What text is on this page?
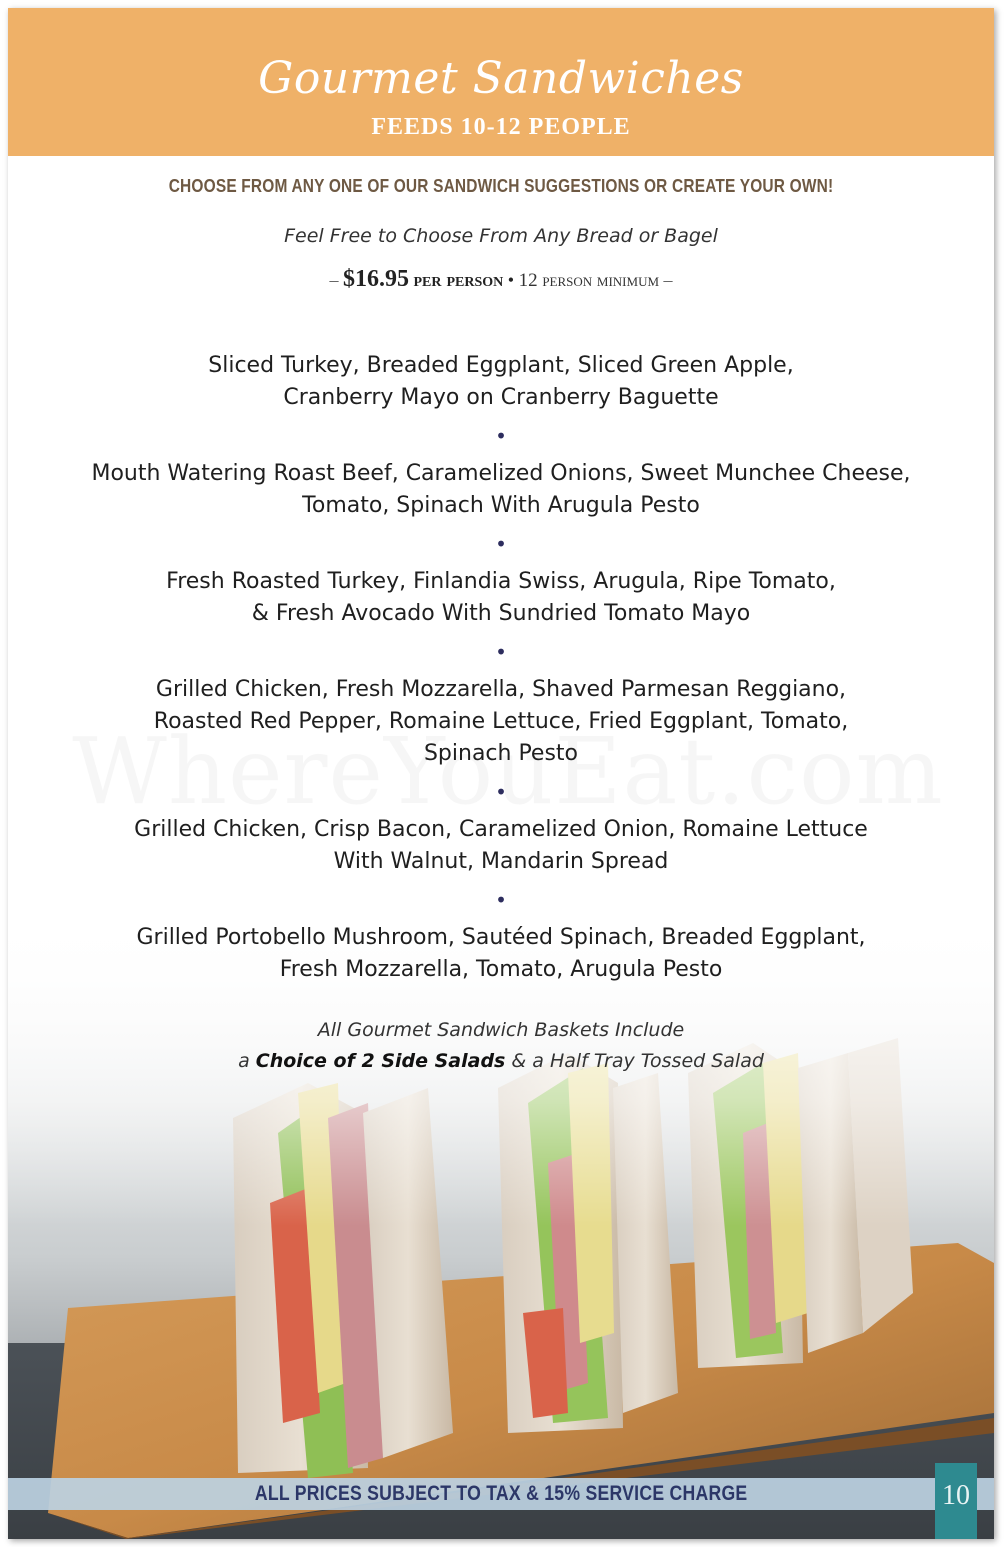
Gourmet Sandwiches
FEEDS 10-12 PEOPLE
CHOOSE FROM ANY ONE OF OUR SANDWICH SUGGESTIONS OR CREATE YOUR OWN!
Feel Free to Choose From Any Bread or Bagel
– $16.95 per person • 12 person minimum –
Sliced Turkey, Breaded Eggplant, Sliced Green Apple,
Cranberry Mayo on Cranberry Baguette
•
Mouth Watering Roast Beef, Caramelized Onions, Sweet Munchee Cheese,
Tomato, Spinach With Arugula Pesto
•
Fresh Roasted Turkey, Finlandia Swiss, Arugula, Ripe Tomato,
& Fresh Avocado With Sundried Tomato Mayo
•
Grilled Chicken, Fresh Mozzarella, Shaved Parmesan Reggiano,
Roasted Red Pepper, Romaine Lettuce, Fried Eggplant, Tomato,
Spinach Pesto
•
Grilled Chicken, Crisp Bacon, Caramelized Onion, Romaine Lettuce
With Walnut, Mandarin Spread
•
Grilled Portobello Mushroom, Sautéed Spinach, Breaded Eggplant,
Fresh Mozzarella, Tomato, Arugula Pesto
All Gourmet Sandwich Baskets Include
a Choice of 2 Side Salads & a Half Tray Tossed Salad
ALL PRICES SUBJECT TO TAX & 15% SERVICE CHARGE	10
